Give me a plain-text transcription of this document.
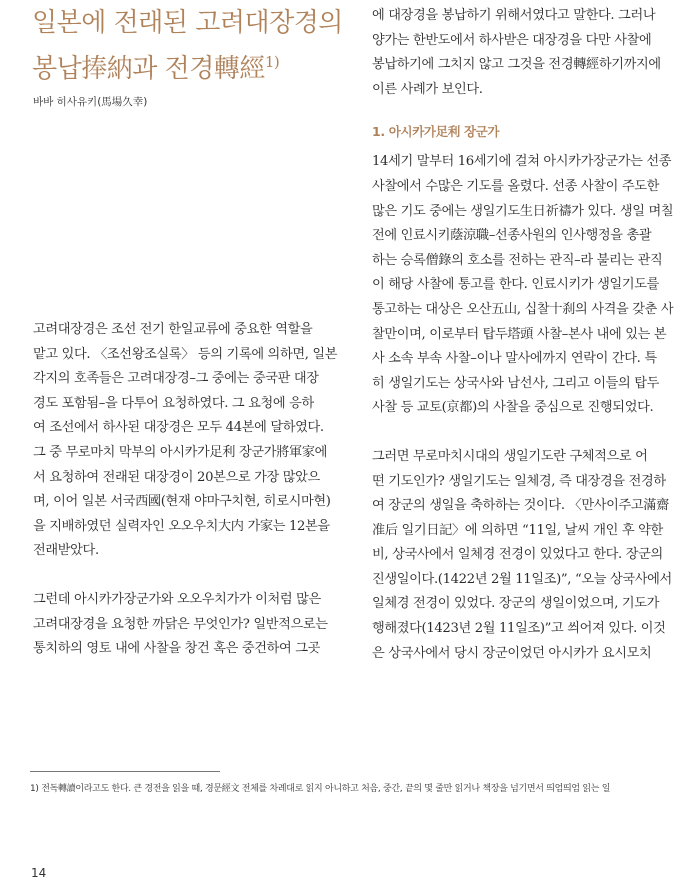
일본에 전래된 고려대장경의
봉납捧納과 전경轉經$^{1)}$
바바 히사유키(馬場久幸)

고려대장경은 조선 전기 한일교류에 중요한 역할을
맡고 있다. 〈조선왕조실록〉 등의 기록에 의하면, 일본
각지의 호족들은 고려대장경–그 중에는 중국판 대장
경도 포함됨–을 다투어 요청하였다. 그 요청에 응하
여 조선에서 하사된 대장경은 모두 44본에 달하였다.
그 중 무로마치 막부의 아시카가足利 장군가將軍家에
서 요청하여 전래된 대장경이 20본으로 가장 많았으
며, 이어 일본 서국西國(현재 야마구치현, 히로시마현)
을 지배하였던 실력자인 오오우치大内 가家는 12본을
전래받았다.

그런데 아시카가장군가와 오오우치가가 이처럼 많은
고려대장경을 요청한 까닭은 무엇인가? 일반적으로는
통치하의 영토 내에 사찰을 창건 혹은 중건하여 그곳

에 대장경을 봉납하기 위해서였다고 말한다. 그러나
양가는 한반도에서 하사받은 대장경을 다만 사찰에
봉납하기에 그치지 않고 그것을 전경轉經하기까지에
이른 사례가 보인다.

1. 아시카가足利 장군가

14세기 말부터 16세기에 걸쳐 아시카가장군가는 선종
사찰에서 수많은 기도를 올렸다. 선종 사찰이 주도한
많은 기도 중에는 생일기도生日祈禱가 있다. 생일 며칠
전에 인료시키蔭涼職–선종사원의 인사행정을 총괄
하는 승록僧錄의 호소를 전하는 관직–라 불리는 관직
이 해당 사찰에 통고를 한다. 인료시키가 생일기도를
통고하는 대상은 오산五山, 십찰十刹의 사격을 갖춘 사
찰만이며, 이로부터 탑두塔頭 사찰–본사 내에 있는 본
사 소속 부속 사찰–이나 말사에까지 연락이 간다. 특
히 생일기도는 상국사와 남선사, 그리고 이들의 탑두
사찰 등 교토(京都)의 사찰을 중심으로 진행되었다.

그러면 무로마치시대의 생일기도란 구체적으로 어
떤 기도인가? 생일기도는 일체경, 즉 대장경을 전경하
여 장군의 생일을 축하하는 것이다. 〈만사이주고滿齋
准后 일기日記〉에 의하면 “11일, 날씨 개인 후 약한
비, 상국사에서 일체경 전경이 있었다고 한다. 장군의
진생일이다.(1422년 2월 11일조)”, “오늘 상국사에서
일체경 전경이 있었다. 장군의 생일이었으며, 기도가
행해졌다(1423년 2월 11일조)”고 씌어져 있다. 이것
은 상국사에서 당시 장군이었던 아시카가 요시모치

1) 전독轉讀이라고도 한다. 큰 경전을 읽을 때, 경문經文 전체를 차례대로 읽지 아니하고 처음, 중간, 끝의 몇 줄만 읽거나 책장을 넘기면서 띄엄띄엄 읽는 일
14
